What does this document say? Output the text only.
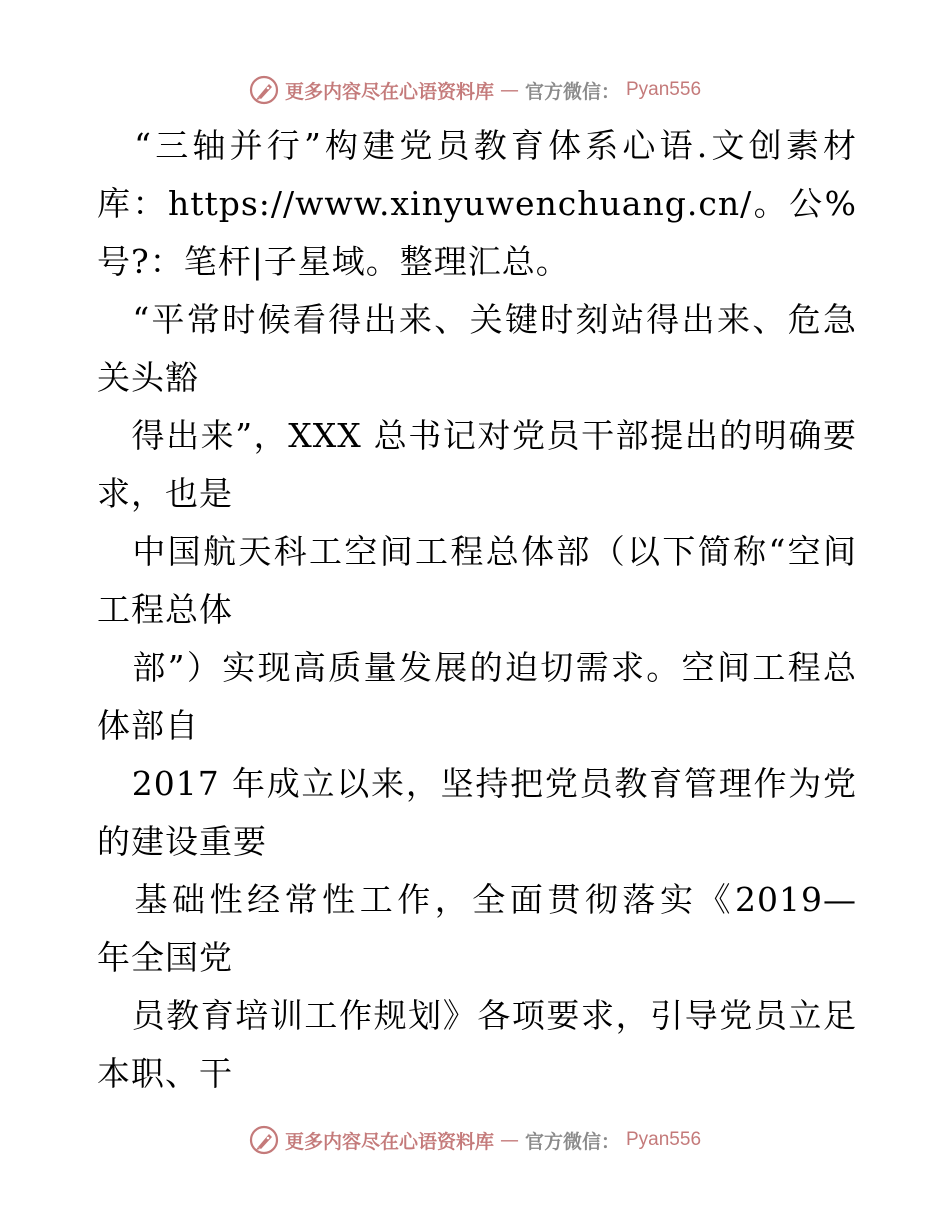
更多内容尽在心语资料库 — 官方微信： Pyan556
　“三轴并行”构建党员教育体系心语.文创素材
库：https://www.xinyuwenchuang.cn/。公%
号?：笔杆|子星域。整理汇总。
　“平常时候看得出来、关键时刻站得出来、危急
关头豁
　得出来”，XXX 总书记对党员干部提出的明确要
求，也是
　中国航天科工空间工程总体部（以下简称“空间
工程总体
　部”）实现高质量发展的迫切需求。空间工程总
体部自
　2017 年成立以来，坚持把党员教育管理作为党
的建设重要
　基础性经常性工作，全面贯彻落实《2019—
年全国党
　员教育培训工作规划》各项要求，引导党员立足
本职、干
更多内容尽在心语资料库 — 官方微信： Pyan556
